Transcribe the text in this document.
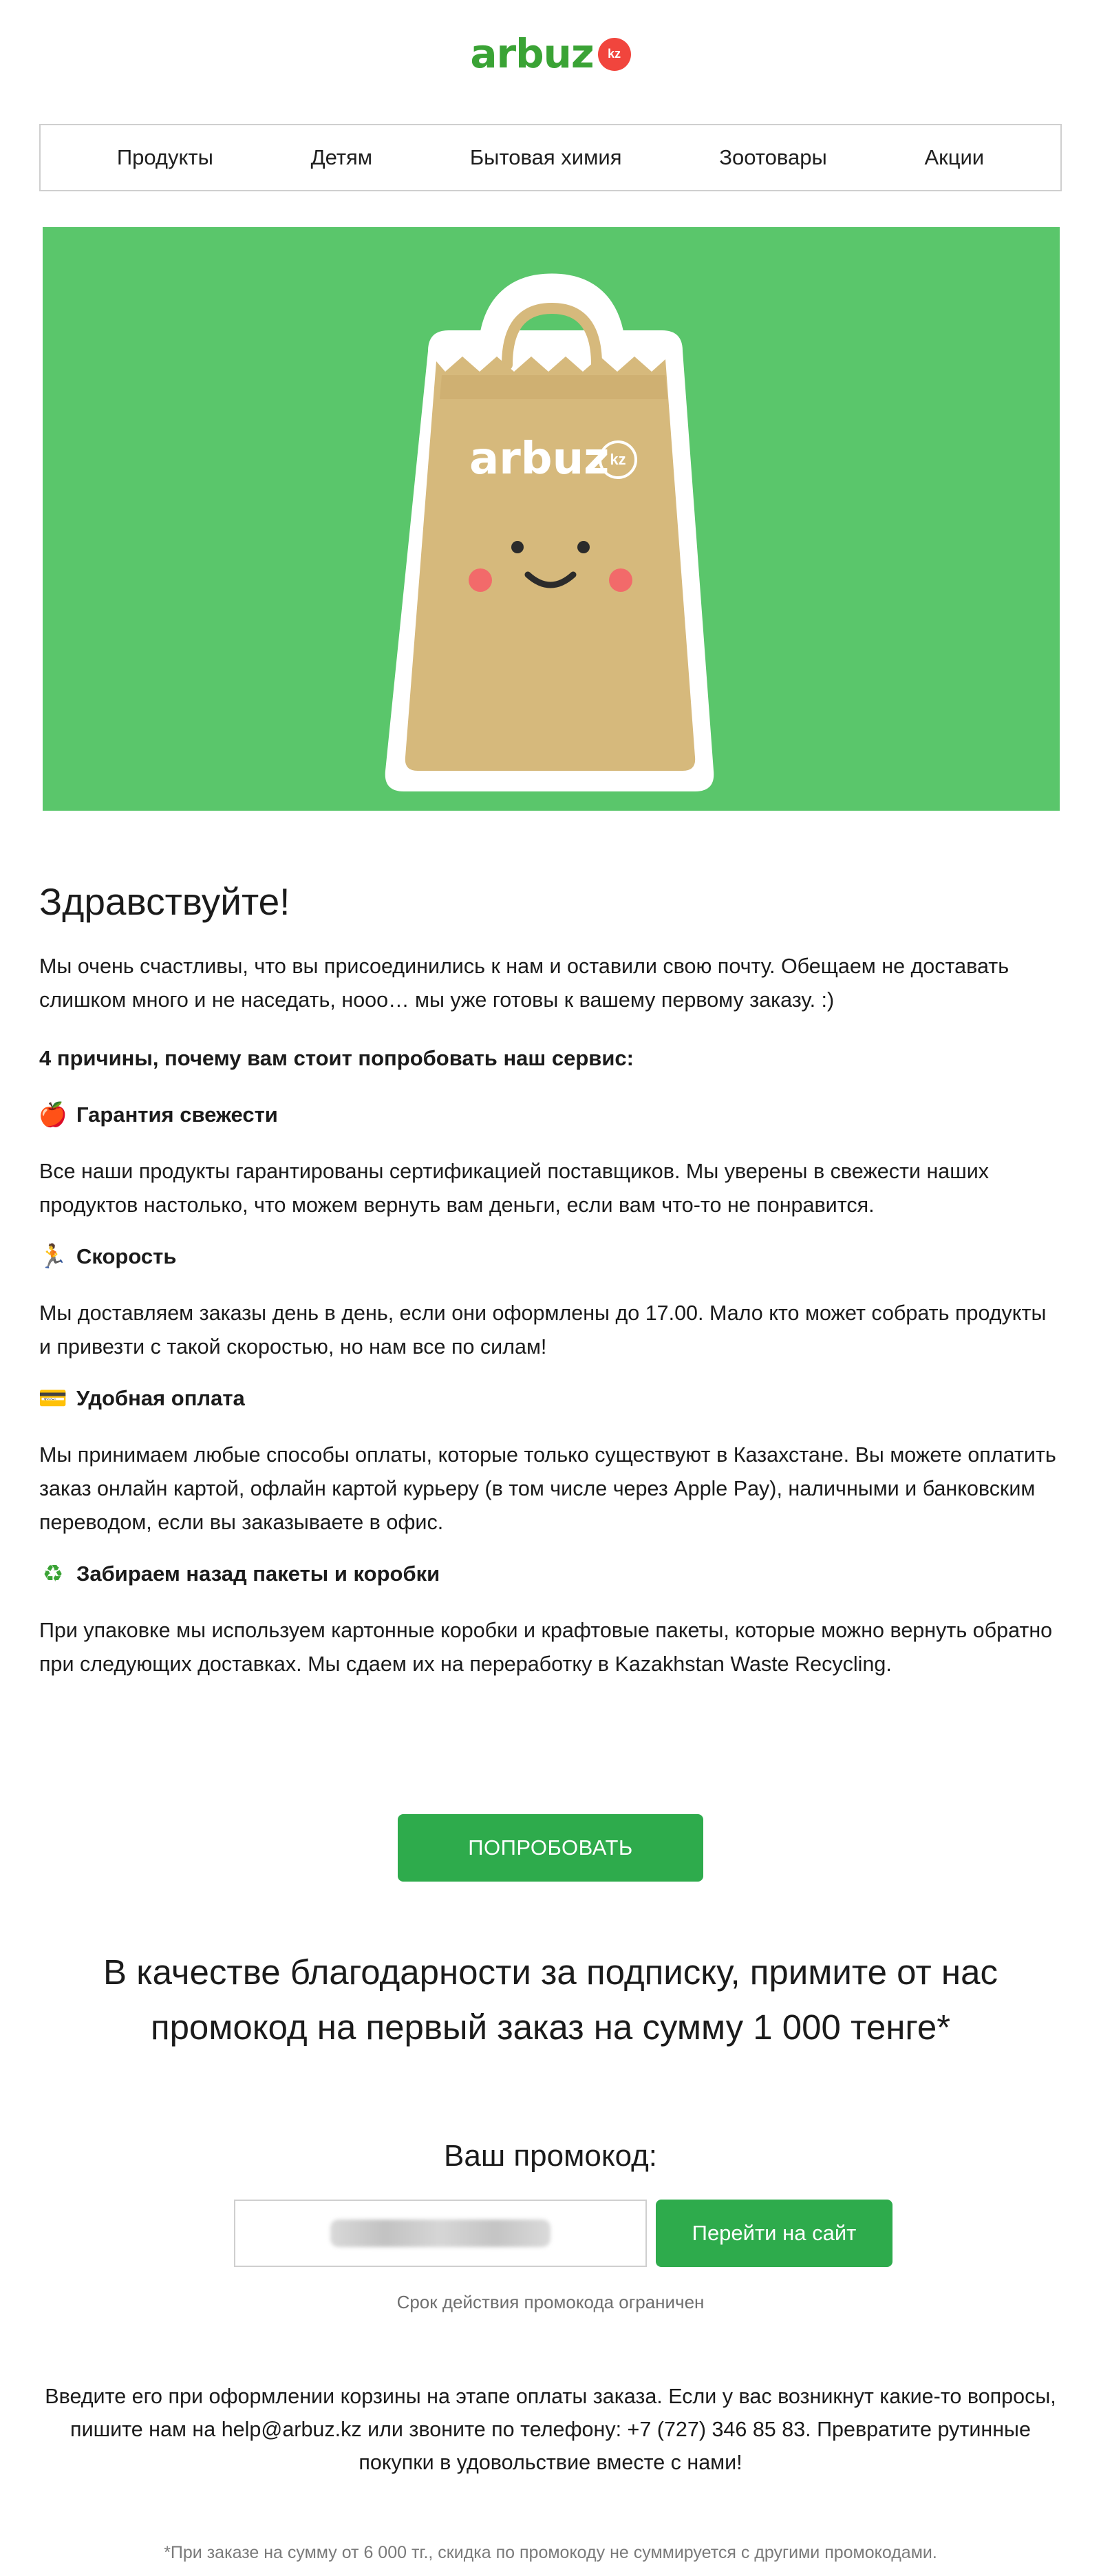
arbuz	kz
Продукты	Детям	Бытовая химия	Зоотовары	Акции
arbuz kz
Здравствуйте!

Мы очень счастливы, что вы присоединились к нам и оставили свою почту. Обещаем не доставать слишком много и не наседать, нооо… мы уже готовы к вашему первому заказу. :)

4 причины, почему вам стоит попробовать наш сервис:

🍎 Гарантия свежести

Все наши продукты гарантированы сертификацией поставщиков. Мы уверены в свежести наших продуктов настолько, что можем вернуть вам деньги, если вам что-то не понравится.

🏃 Скорость

Мы доставляем заказы день в день, если они оформлены до 17.00. Мало кто может собрать продукты и привезти с такой скоростью, но нам все по силам!

💳 Удобная оплата

Мы принимаем любые способы оплаты, которые только существуют в Казахстане. Вы можете оплатить заказ онлайн картой, офлайн картой курьеру (в том числе через Apple Pay), наличными и банковским переводом, если вы заказываете в офис.

♻ Забираем назад пакеты и коробки

При упаковке мы используем картонные коробки и крафтовые пакеты, которые можно вернуть обратно при следующих доставках. Мы сдаем их на переработку в Kazakhstan Waste Recycling.

ПОПРОБОВАТЬ
В качестве благодарности за подписку, примите от нас промокод на первый заказ на сумму 1 000 тенге*
Ваш промокод:
Перейти на сайт
Срок действия промокода ограничен
Введите его при оформлении корзины на этапе оплаты заказа. Если у вас возникнут какие-то вопросы, пишите нам на help@arbuz.kz или звоните по телефону: +7 (727) 346 85 83. Превратите рутинные покупки в удовольствие вместе с нами!
*При заказе на сумму от 6 000 тг., скидка по промокоду не суммируется с другими промокодами.
